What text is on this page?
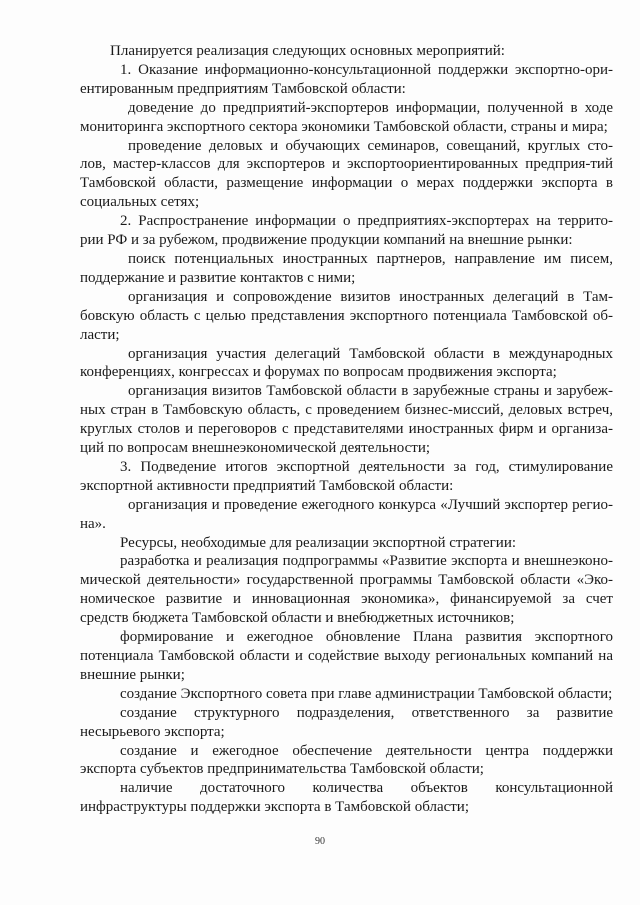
Планируется реализация следующих основных мероприятий:

1. Оказание информационно-консультационной поддержки экспортно-ори-ентированным предприятиям Тамбовской области:

доведение до предприятий-экспортеров информации, полученной в ходе мониторинга экспортного сектора экономики Тамбовской области, страны и мира;

проведение деловых и обучающих семинаров, совещаний, круглых сто-лов, мастер-классов для экспортеров и экспортоориентированных предприя-тий Тамбовской области, размещение информации о мерах поддержки экспорта в социальных сетях;

2. Распространение информации о предприятиях-экспортерах на террито-рии РФ и за рубежом, продвижение продукции компаний на внешние рынки:

поиск потенциальных иностранных партнеров, направление им писем, поддержание и развитие контактов с ними;

организация и сопровождение визитов иностранных делегаций в Там-бовскую область с целью представления экспортного потенциала Тамбовской об-ласти;

организация участия делегаций Тамбовской области в международных конференциях, конгрессах и форумах по вопросам продвижения экспорта;

организация визитов Тамбовской области в зарубежные страны и зарубеж-ных стран в Тамбовскую область, с проведением бизнес-миссий, деловых встреч, круглых столов и переговоров с представителями иностранных фирм и организа-ций по вопросам внешнеэкономической деятельности;

3. Подведение итогов экспортной деятельности за год, стимулирование экспортной активности предприятий Тамбовской области:

организация и проведение ежегодного конкурса «Лучший экспортер регио-на».

Ресурсы, необходимые для реализации экспортной стратегии:

разработка и реализация подпрограммы «Развитие экспорта и внешнеэконо-мической деятельности» государственной программы Тамбовской области «Эко-номическое развитие и инновационная экономика», финансируемой за счет средств бюджета Тамбовской области и внебюджетных источников;

формирование и ежегодное обновление Плана развития экспортного потенциала Тамбовской области и содействие выходу региональных компаний на внешние рынки;

создание Экспортного совета при главе администрации Тамбовской области;

создание структурного подразделения, ответственного за развитие несырьевого экспорта;

создание и ежегодное обеспечение деятельности центра поддержки экспорта субъектов предпринимательства Тамбовской области;

наличие достаточного количества объектов консультационной инфраструктуры поддержки экспорта в Тамбовской области;

90
